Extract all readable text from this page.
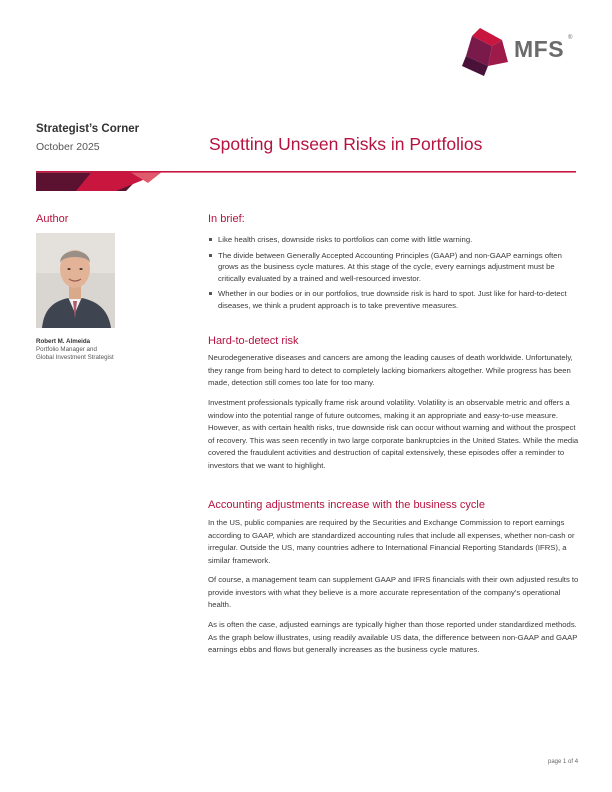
MFS ®
Strategist’s Corner
October 2025	Spotting Unseen Risks in Portfolios
Author
Robert M. Almeida
Portfolio Manager and
Global Investment Strategist
In brief:
Like health crises, downside risks to portfolios can come with little warning.
The divide between Generally Accepted Accounting Principles (GAAP) and non-GAAP earnings often grows as the business cycle matures. At this stage of the cycle, every earnings adjustment must be critically evaluated by a trained and well-resourced investor.
Whether in our bodies or in our portfolios, true downside risk is hard to spot. Just like for hard-to-detect diseases, we think a prudent approach is to take preventive measures.
Hard-to-detect risk

Neurodegenerative diseases and cancers are among the leading causes of death worldwide. Unfortunately, they range from being hard to detect to completely lacking biomarkers altogether. While progress has been made, detection still comes too late for too many.

Investment professionals typically frame risk around volatility. Volatility is an observable metric and offers a window into the potential range of future outcomes, making it an appropriate and easy-to-use measure. However, as with certain health risks, true downside risk can occur without warning and without the prospect of recovery. This was seen recently in two large corporate bankruptcies in the United States. While the media covered the fraudulent activities and destruction of capital extensively, these episodes offer a reminder to investors that we want to highlight.

Accounting adjustments increase with the business cycle

In the US, public companies are required by the Securities and Exchange Commission to report earnings according to GAAP, which are standardized accounting rules that include all expenses, whether non-cash or irregular. Outside the US, many countries adhere to International Financial Reporting Standards (IFRS), a similar framework.

Of course, a management team can supplement GAAP and IFRS financials with their own adjusted results to provide investors with what they believe is a more accurate representation of the company’s operational health.

As is often the case, adjusted earnings are typically higher than those reported under standardized methods. As the graph below illustrates, using readily available US data, the difference between non-GAAP and GAAP earnings ebbs and flows but generally increases as the business cycle matures.

page 1 of 4
